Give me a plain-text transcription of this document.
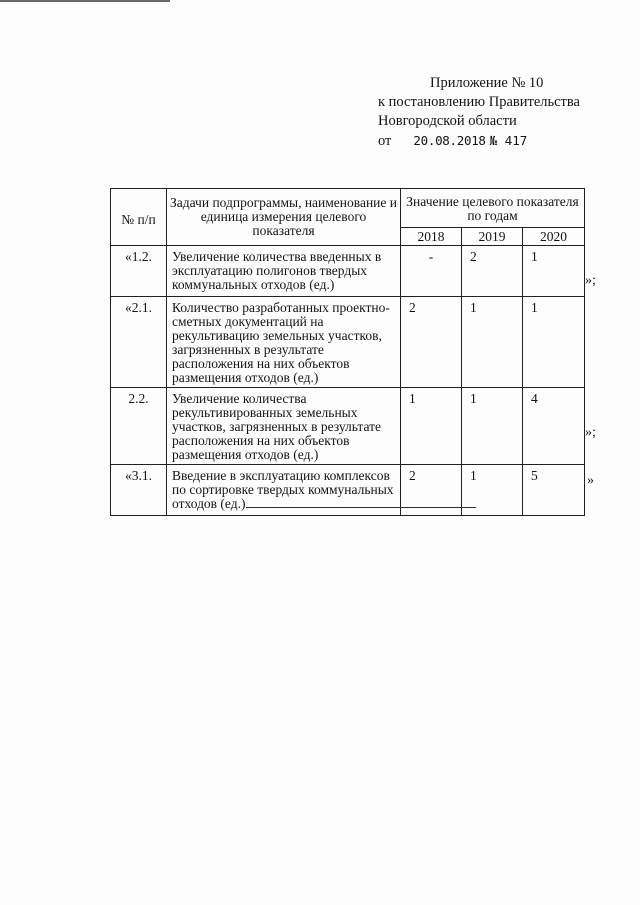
Приложение № 10
к постановлению Правительства
Новгородской области
от 20.08.2018 № 417
№ п/п	Задачи подпрограммы, наименование и единица измерения целевого показателя	Значение целевого показателя по годам		
		2018	2019	2020
«1.2.	Увеличение количества введенных в эксплуатацию полигонов твердых коммунальных отходов (ед.)	-	2	1
«2.1.	Количество разработанных проектно-сметных документаций на рекультивацию земельных участков, загрязненных в результате расположения на них объектов размещения отходов (ед.)	2	1	1
2.2.	Увеличение количества рекультивированных земельных участков, загрязненных в результате расположения на них объектов размещения отходов (ед.)	1	1	4
«3.1.	Введение в эксплуатацию комплексов по сортировке твердых коммунальных отходов (ед.)	2	1	5
»;
»;
»
